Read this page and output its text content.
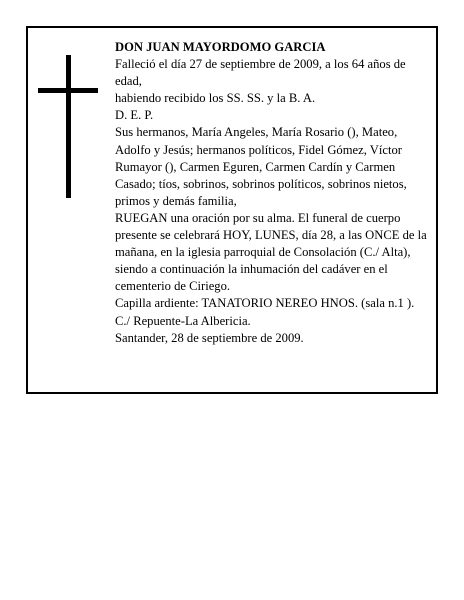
DON JUAN MAYORDOMO GARCIA

Falleció el día 27 de septiembre de 2009, a los 64 años de edad,

habiendo recibido los SS. SS. y la B. A.

D. E. P.

Sus hermanos, María Angeles, María Rosario (), Mateo, Adolfo y Jesús; hermanos políticos, Fidel Gómez, Víctor Rumayor (), Carmen Eguren, Carmen Cardín y Carmen Casado; tíos, sobrinos, sobrinos políticos, sobrinos nietos, primos y demás familia,

RUEGAN una oración por su alma. El funeral de cuerpo presente se celebrará HOY, LUNES, día 28, a las ONCE de la mañana, en la iglesia parroquial de Consolación (C./ Alta), siendo a continuación la inhumación del cadáver en el cementerio de Ciriego.

Capilla ardiente: TANATORIO NEREO HNOS. (sala n.1 ). C./ Repuente-La Albericia.

Santander, 28 de septiembre de 2009.
